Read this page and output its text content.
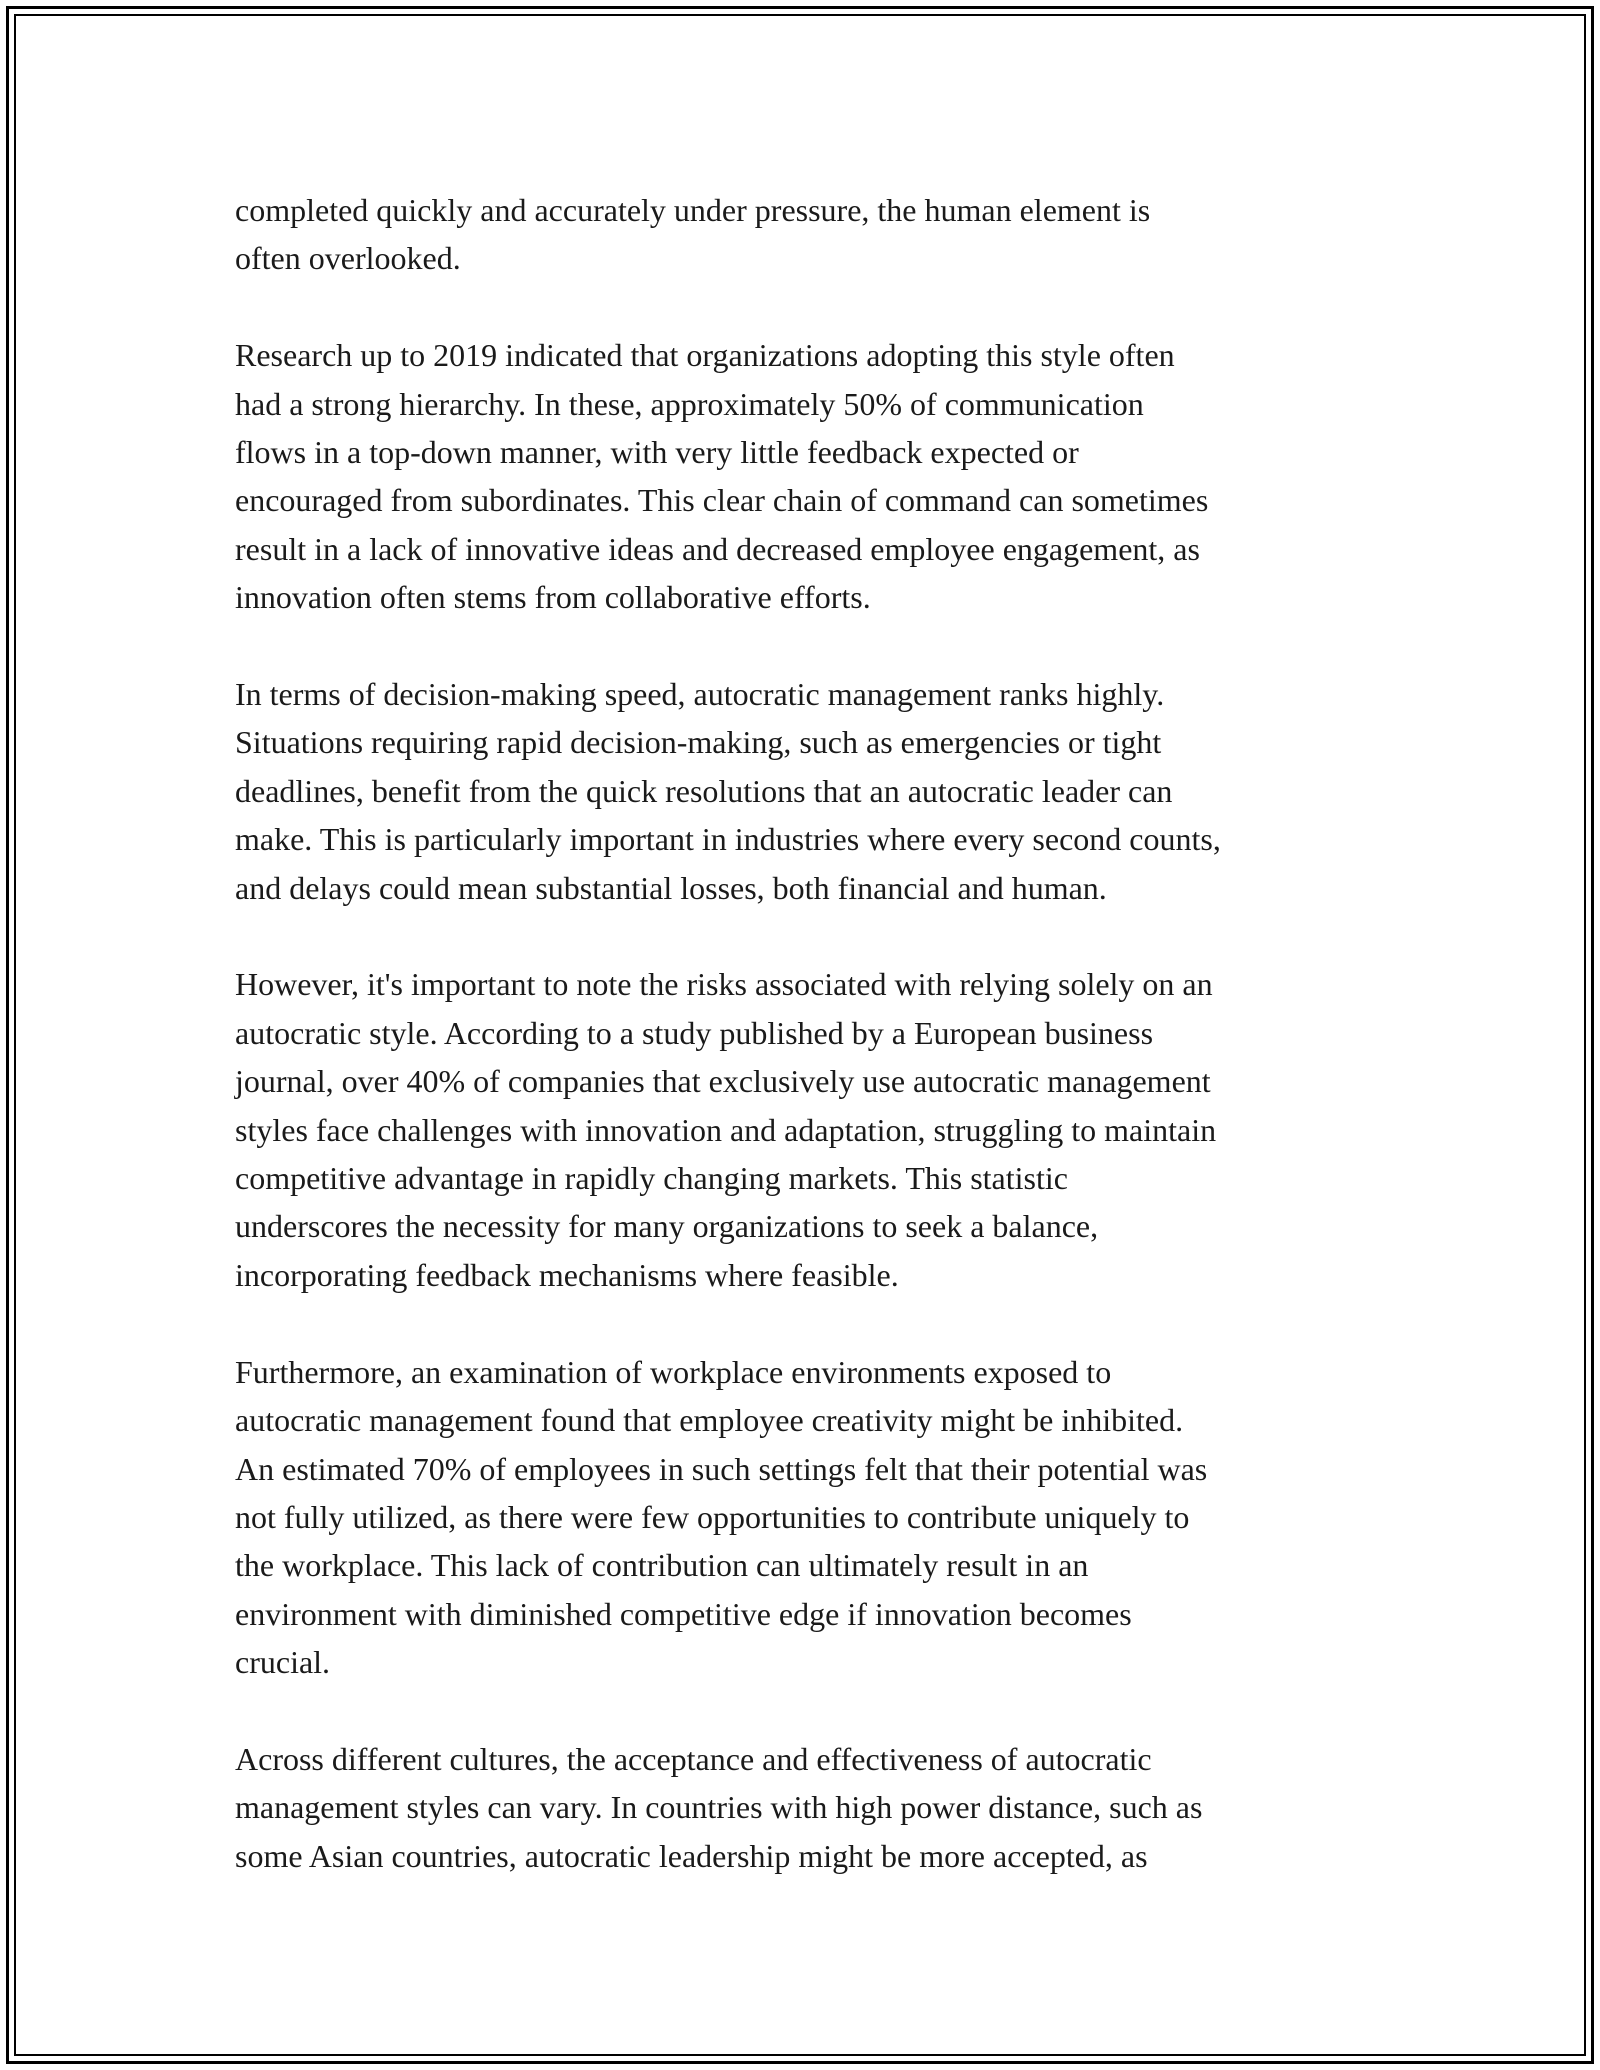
completed quickly and accurately under pressure, the human element is
often overlooked.

Research up to 2019 indicated that organizations adopting this style often
had a strong hierarchy. In these, approximately 50% of communication
flows in a top-down manner, with very little feedback expected or
encouraged from subordinates. This clear chain of command can sometimes
result in a lack of innovative ideas and decreased employee engagement, as
innovation often stems from collaborative efforts.

In terms of decision-making speed, autocratic management ranks highly.
Situations requiring rapid decision-making, such as emergencies or tight
deadlines, benefit from the quick resolutions that an autocratic leader can
make. This is particularly important in industries where every second counts,
and delays could mean substantial losses, both financial and human.

However, it's important to note the risks associated with relying solely on an
autocratic style. According to a study published by a European business
journal, over 40% of companies that exclusively use autocratic management
styles face challenges with innovation and adaptation, struggling to maintain
competitive advantage in rapidly changing markets. This statistic
underscores the necessity for many organizations to seek a balance,
incorporating feedback mechanisms where feasible.

Furthermore, an examination of workplace environments exposed to
autocratic management found that employee creativity might be inhibited.
An estimated 70% of employees in such settings felt that their potential was
not fully utilized, as there were few opportunities to contribute uniquely to
the workplace. This lack of contribution can ultimately result in an
environment with diminished competitive edge if innovation becomes
crucial.

Across different cultures, the acceptance and effectiveness of autocratic
management styles can vary. In countries with high power distance, such as
some Asian countries, autocratic leadership might be more accepted, as
